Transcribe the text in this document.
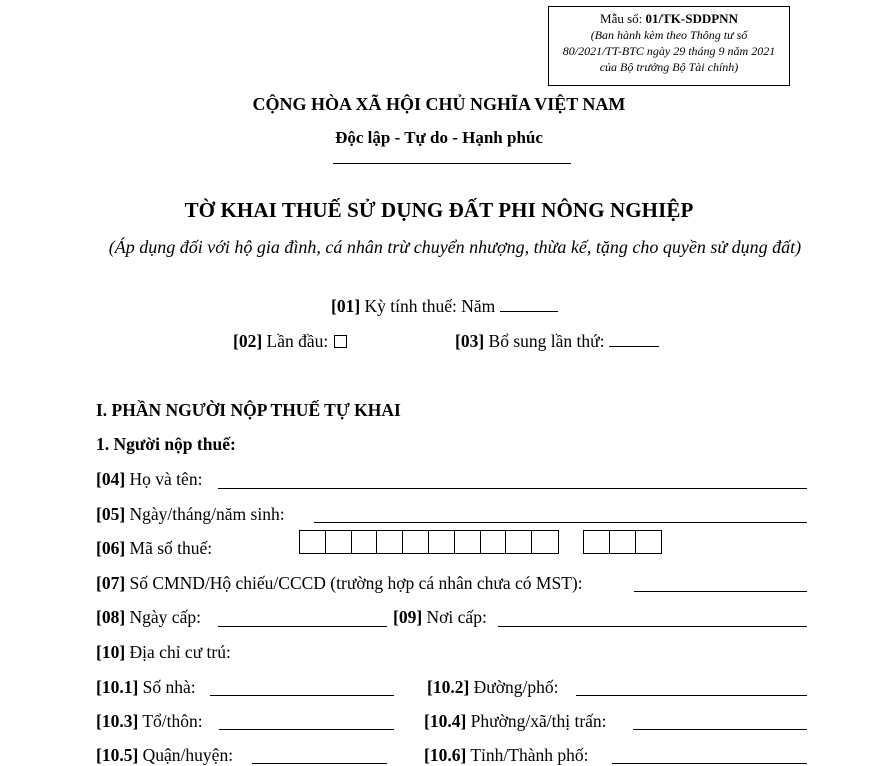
Mẫu số: 01/TK-SDDPNN
(Ban hành kèm theo Thông tư số
80/2021/TT-BTC ngày 29 tháng 9 năm 2021
của Bộ trưởng Bộ Tài chính)
CỘNG HÒA XÃ HỘI CHỦ NGHĨA VIỆT NAM
Độc lập - Tự do - Hạnh phúc
TỜ KHAI THUẾ SỬ DỤNG ĐẤT PHI NÔNG NGHIỆP
(Áp dụng đối với hộ gia đình, cá nhân trừ chuyển nhượng, thừa kế, tặng cho quyền sử dụng đất)
[01] Kỳ tính thuế: Năm
[02] Lần đầu:	[03] Bổ sung lần thứ:
I. PHẦN NGƯỜI NỘP THUẾ TỰ KHAI
1. Người nộp thuế:
[04] Họ và tên:
[05] Ngày/tháng/năm sinh:
[06] Mã số thuế:
[07] Số CMND/Hộ chiếu/CCCD (trường hợp cá nhân chưa có MST):
[08] Ngày cấp:	[09] Nơi cấp:
[10] Địa chỉ cư trú:
[10.1] Số nhà:	[10.2] Đường/phố:
[10.3] Tổ/thôn:	[10.4] Phường/xã/thị trấn:
[10.5] Quận/huyện:	[10.6] Tỉnh/Thành phố:
